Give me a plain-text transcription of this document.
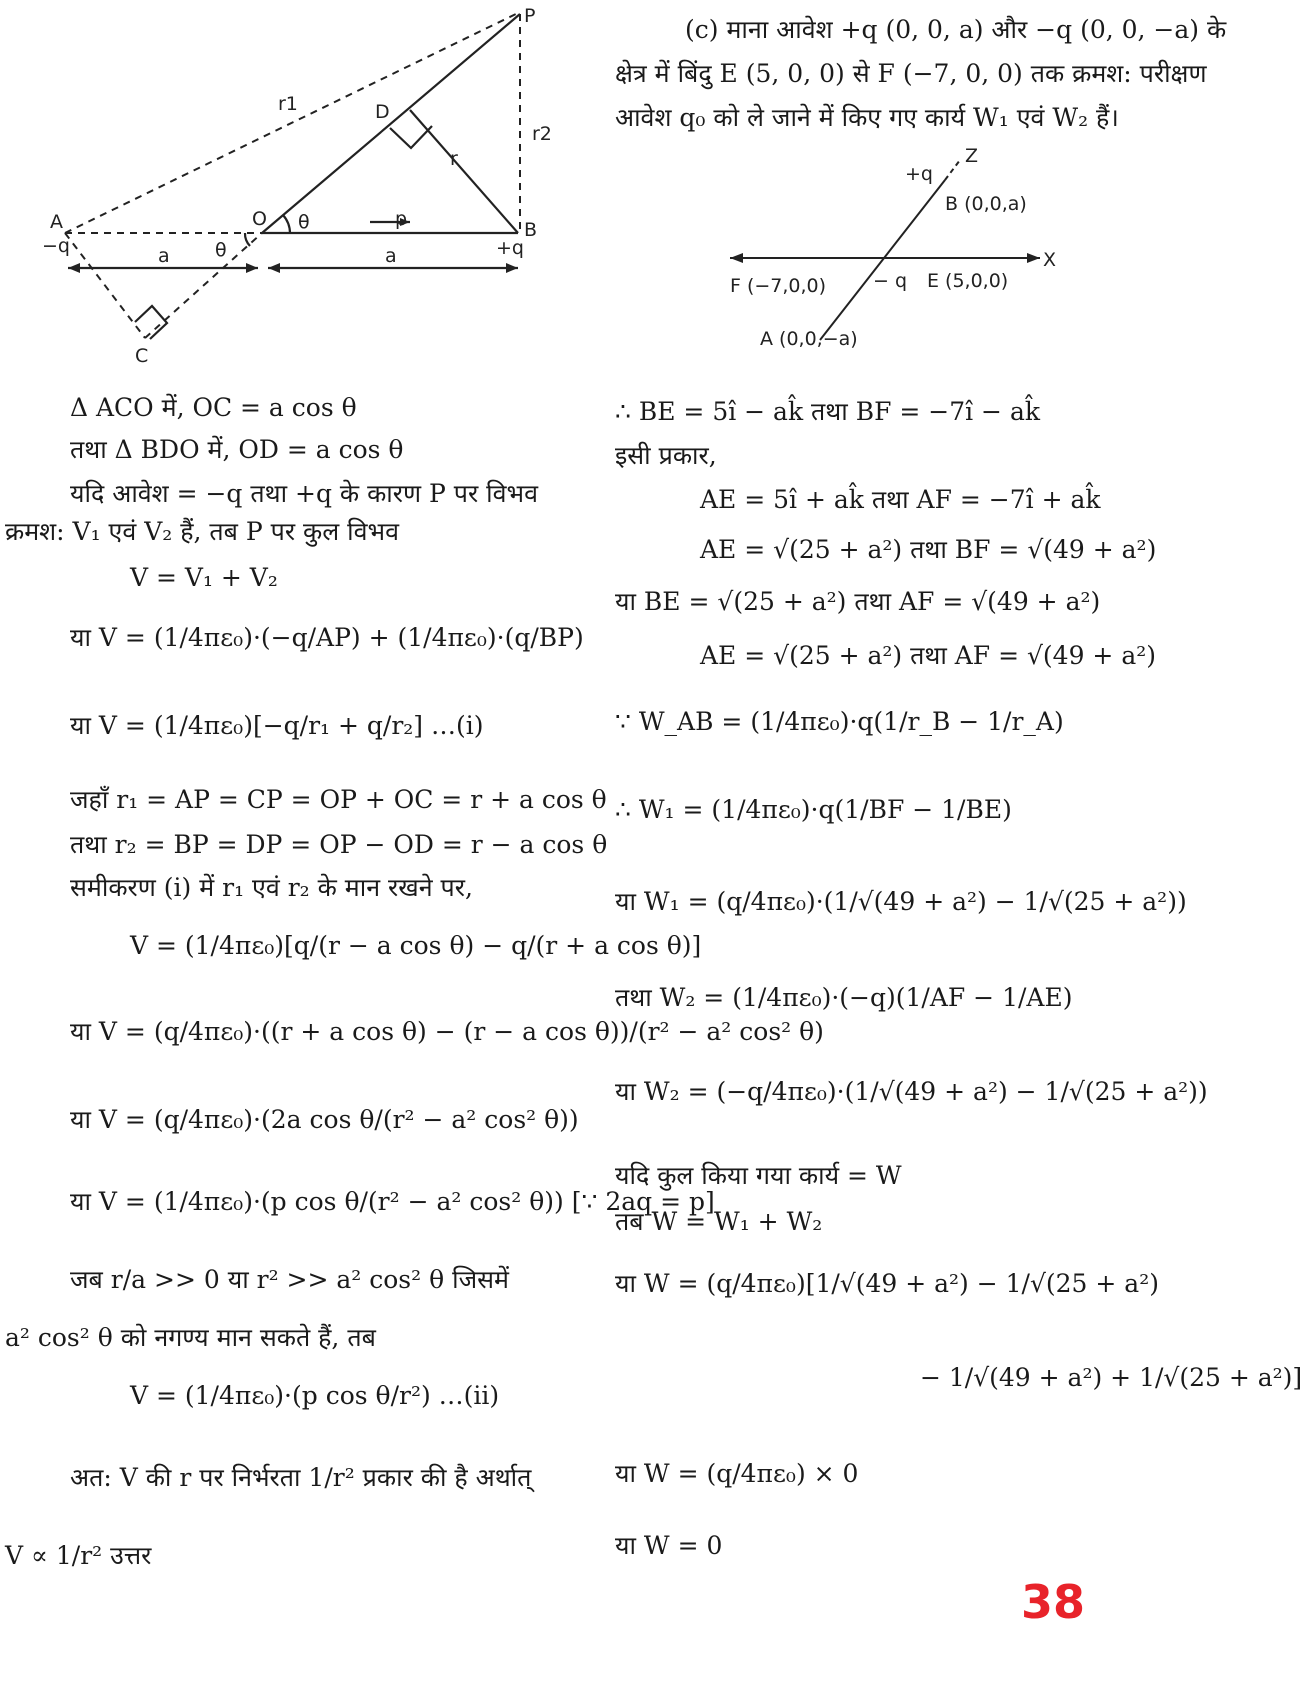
P
r1
r2
D
r
A
−q
O θ	p	B
+q
a	a
θ
C
Δ ACO में, OC = a cos θ
तथा Δ BDO में, OD = a cos θ
यदि आवेश = −q तथा +q के कारण P पर विभव
क्रमश: V₁ एवं V₂ हैं, तब P पर कुल विभव
V = V₁ + V₂
या V = (1/4πε₀)·(−q/AP) + (1/4πε₀)·(q/BP)
या V = (1/4πε₀)[−q/r₁ + q/r₂] …(i)
जहाँ r₁ = AP = CP = OP + OC = r + a cos θ
तथा r₂ = BP = DP = OP − OD = r − a cos θ
समीकरण (i) में r₁ एवं r₂ के मान रखने पर,
V = (1/4πε₀)[q/(r − a cos θ) − q/(r + a cos θ)]
या V = (q/4πε₀)·((r + a cos θ) − (r − a cos θ))/(r² − a² cos² θ)
या V = (q/4πε₀)·(2a cos θ/(r² − a² cos² θ))
या V = (1/4πε₀)·(p cos θ/(r² − a² cos² θ)) [∵ 2aq = p]
जब r/a >> 0 या r² >> a² cos² θ जिसमें
a² cos² θ को नगण्य मान सकते हैं, तब
V = (1/4πε₀)·(p cos θ/r²) …(ii)
अत: V की r पर निर्भरता 1/r² प्रकार की है अर्थात्
V ∝ 1/r² उत्तर
(c) माना आवेश +q (0, 0, a) और −q (0, 0, −a) के
क्षेत्र में बिंदु E (5, 0, 0) से F (−7, 0, 0) तक क्रमश: परीक्षण
आवेश q₀ को ले जाने में किए गए कार्य W₁ एवं W₂ हैं।
Z
+q
B (0,0,a)
X
F (−7,0,0) − q E (5,0,0)
A (0,0,−a)
∴ BE = 5î − ak̂ तथा BF = −7î − ak̂
इसी प्रकार,
AE = 5î + ak̂ तथा AF = −7î + ak̂
AE = √(25 + a²) तथा BF = √(49 + a²)
या BE = √(25 + a²) तथा AF = √(49 + a²)
AE = √(25 + a²) तथा AF = √(49 + a²)
∵ W_AB = (1/4πε₀)·q(1/r_B − 1/r_A)
∴ W₁ = (1/4πε₀)·q(1/BF − 1/BE)
या W₁ = (q/4πε₀)·(1/√(49 + a²) − 1/√(25 + a²))
तथा W₂ = (1/4πε₀)·(−q)(1/AF − 1/AE)
या W₂ = (−q/4πε₀)·(1/√(49 + a²) − 1/√(25 + a²))
यदि कुल किया गया कार्य = W
तब W = W₁ + W₂
या W = (q/4πε₀)[1/√(49 + a²) − 1/√(25 + a²)
− 1/√(49 + a²) + 1/√(25 + a²)]
या W = (q/4πε₀) × 0
या W = 0
38
